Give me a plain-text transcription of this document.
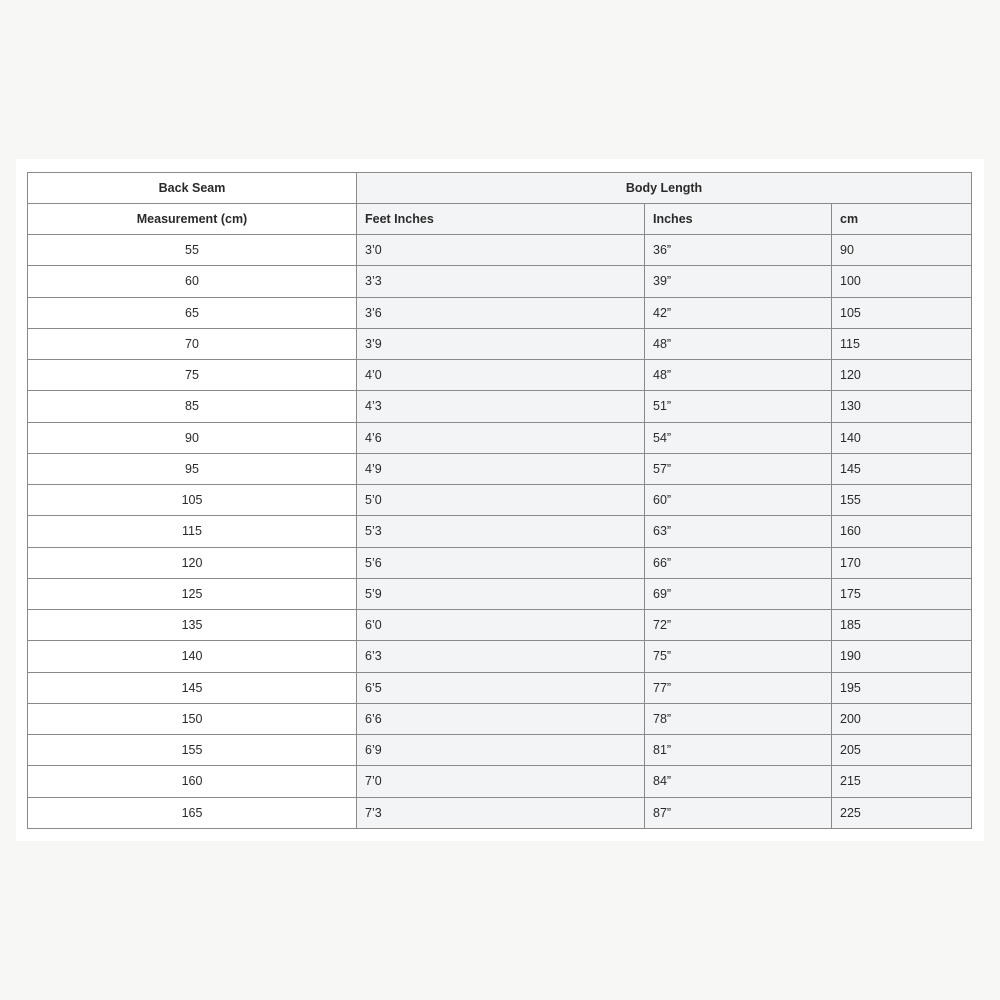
Back Seam	Body Length		
Measurement (cm)	Feet Inches	Inches	cm
55	3’0	36”	90
60	3’3	39”	100
65	3’6	42”	105
70	3’9	48”	115
75	4’0	48”	120
85	4’3	51”	130
90	4’6	54”	140
95	4’9	57”	145
105	5’0	60”	155
115	5’3	63”	160
120	5’6	66”	170
125	5’9	69”	175
135	6’0	72”	185
140	6’3	75”	190
145	6’5	77”	195
150	6’6	78”	200
155	6’9	81”	205
160	7’0	84”	215
165	7’3	87”	225
